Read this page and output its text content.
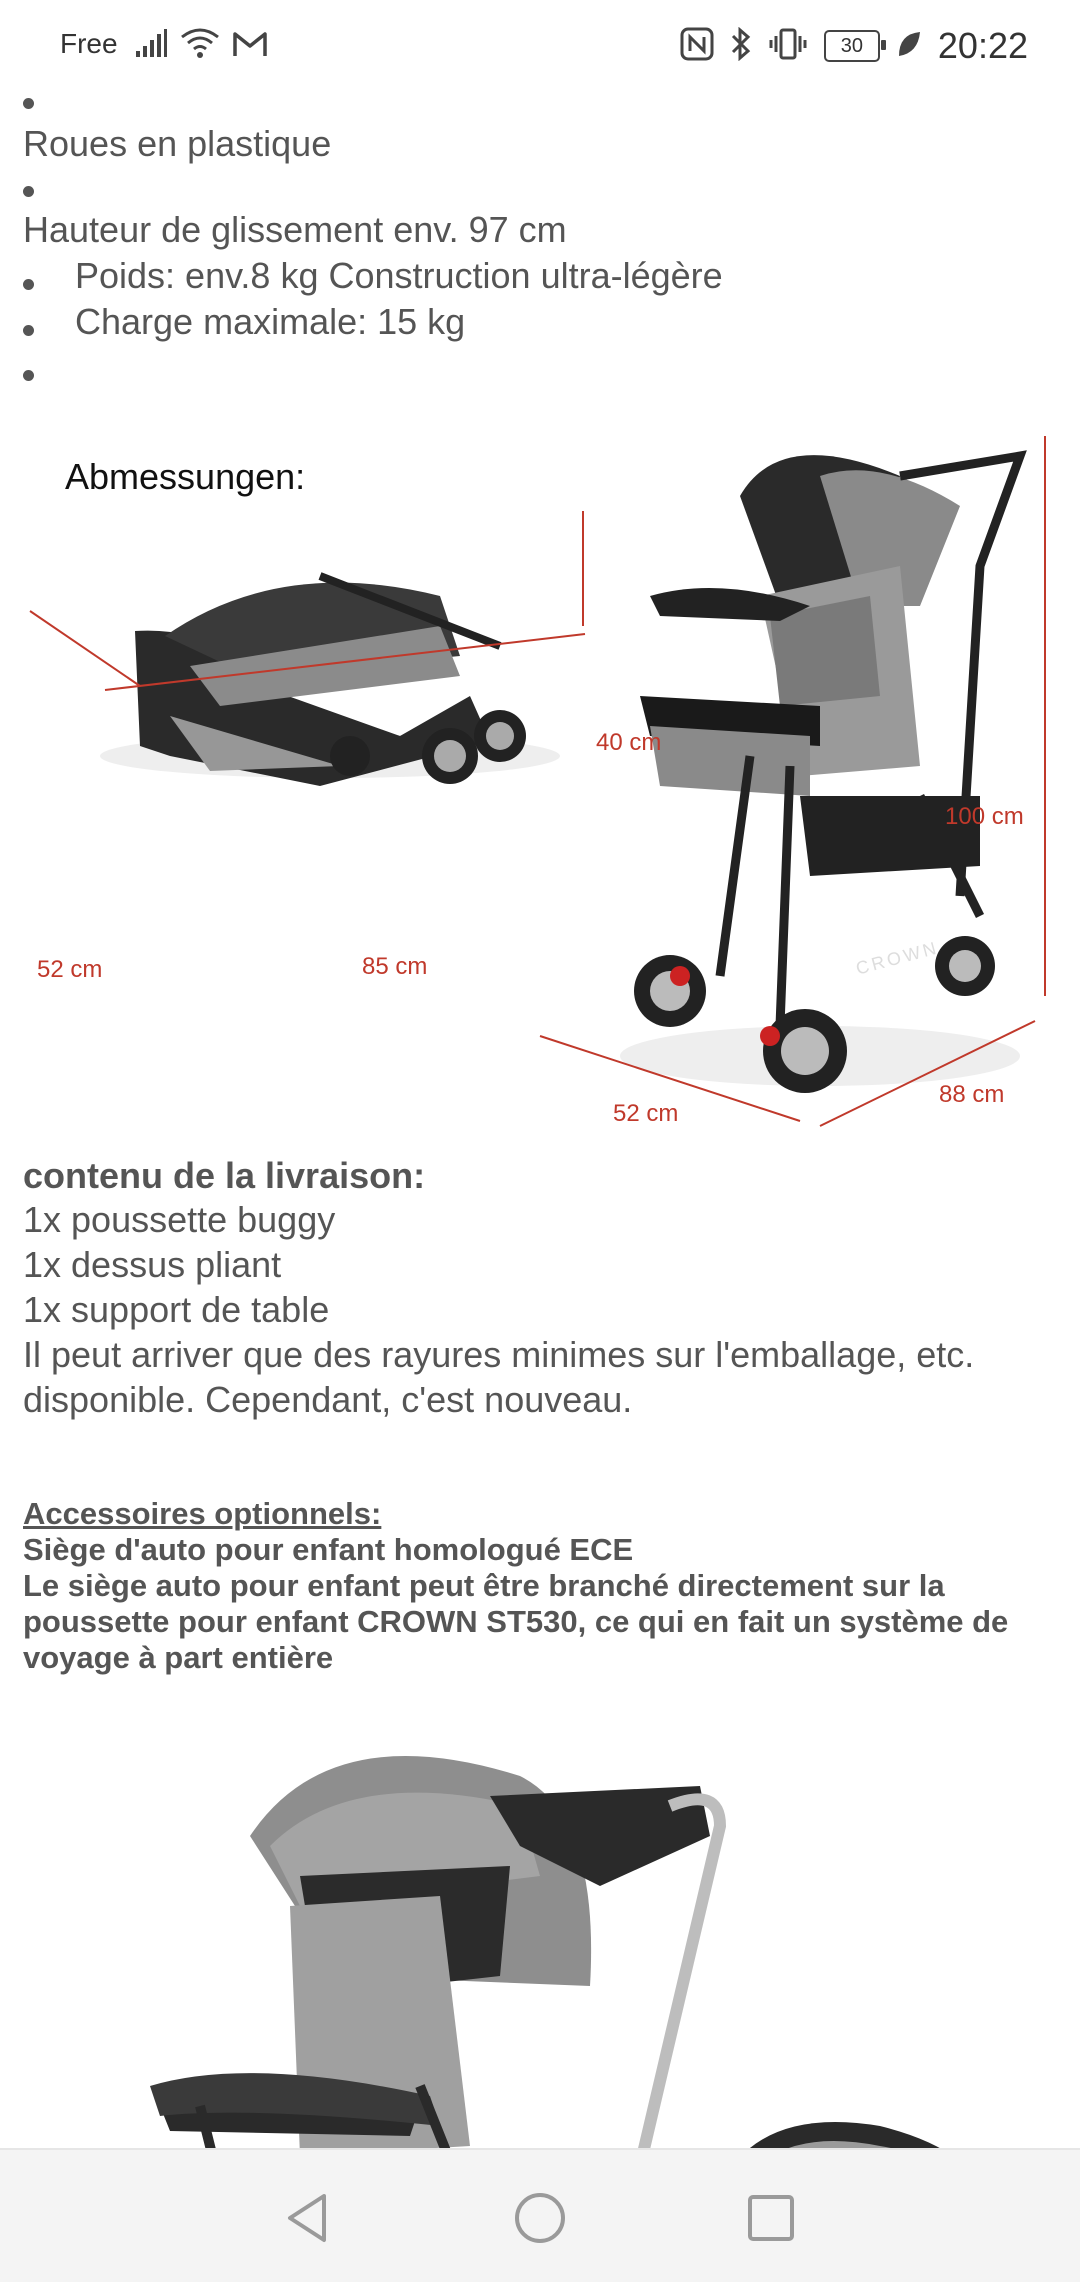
Free	30 20:22
Roues en plastique
Hauteur de glissement env. 97 cm
Poids: env.8 kg Construction ultra-légère
Charge maximale: 15 kg
Abmessungen:
52 cm	85 cm
40 cm
100 cm
52 cm
88 cm
CROWN
contenu de la livraison:
1x poussette buggy
1x dessus pliant
1x support de table
Il peut arriver que des rayures minimes sur l'emballage, etc.
disponible. Cependant, c'est nouveau.
Accessoires optionnels:
Siège d'auto pour enfant homologué ECE
Le siège auto pour enfant peut être branché directement sur la
poussette pour enfant CROWN ST530, ce qui en fait un système de
voyage à part entière
